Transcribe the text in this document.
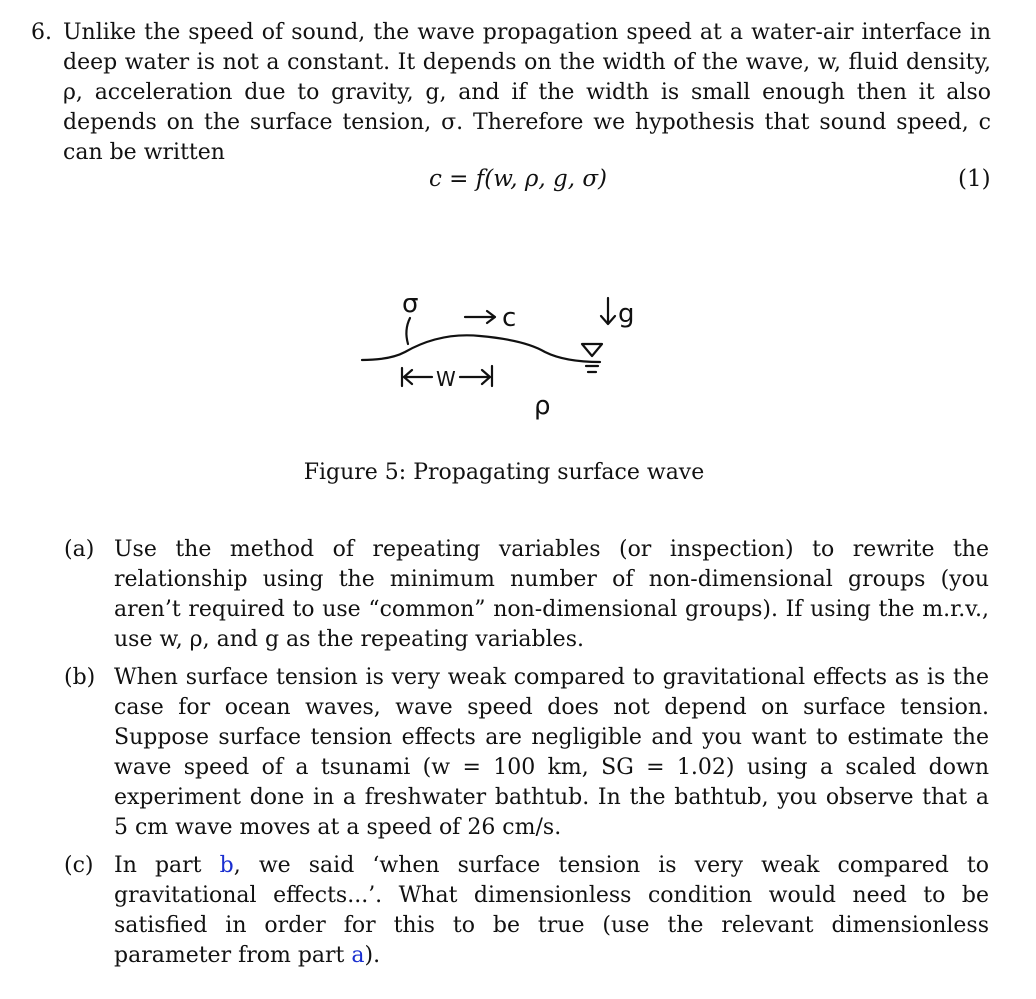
6. Unlike the speed of sound, the wave propagation speed at a water-air interface in deep water is not a constant. It depends on the width of the wave, w, fluid density, ρ, acceleration due to gravity, g, and if the width is small enough then it also depends on the surface tension, σ. Therefore we hypothesis that sound speed, c can be written
c = f(w, ρ, g, σ)	(1)
σ	c	g
W
ρ
Figure 5: Propagating surface wave
(a) Use the method of repeating variables (or inspection) to rewrite the relationship using the minimum number of non-dimensional groups (you aren’t required to use “common” non-dimensional groups). If using the m.r.v., use w, ρ, and g as the repeating variables.
(b) When surface tension is very weak compared to gravitational effects as is the case for ocean waves, wave speed does not depend on surface tension. Suppose surface tension effects are negligible and you want to estimate the wave speed of a tsunami (w = 100 km, SG = 1.02) using a scaled down experiment done in a freshwater bathtub. In the bathtub, you observe that a 5 cm wave moves at a speed of 26 cm/s.
(c) In part b, we said ‘when surface tension is very weak compared to gravitational effects...’. What dimensionless condition would need to be satisfied in order for this to be true (use the relevant dimensionless parameter from part a).
